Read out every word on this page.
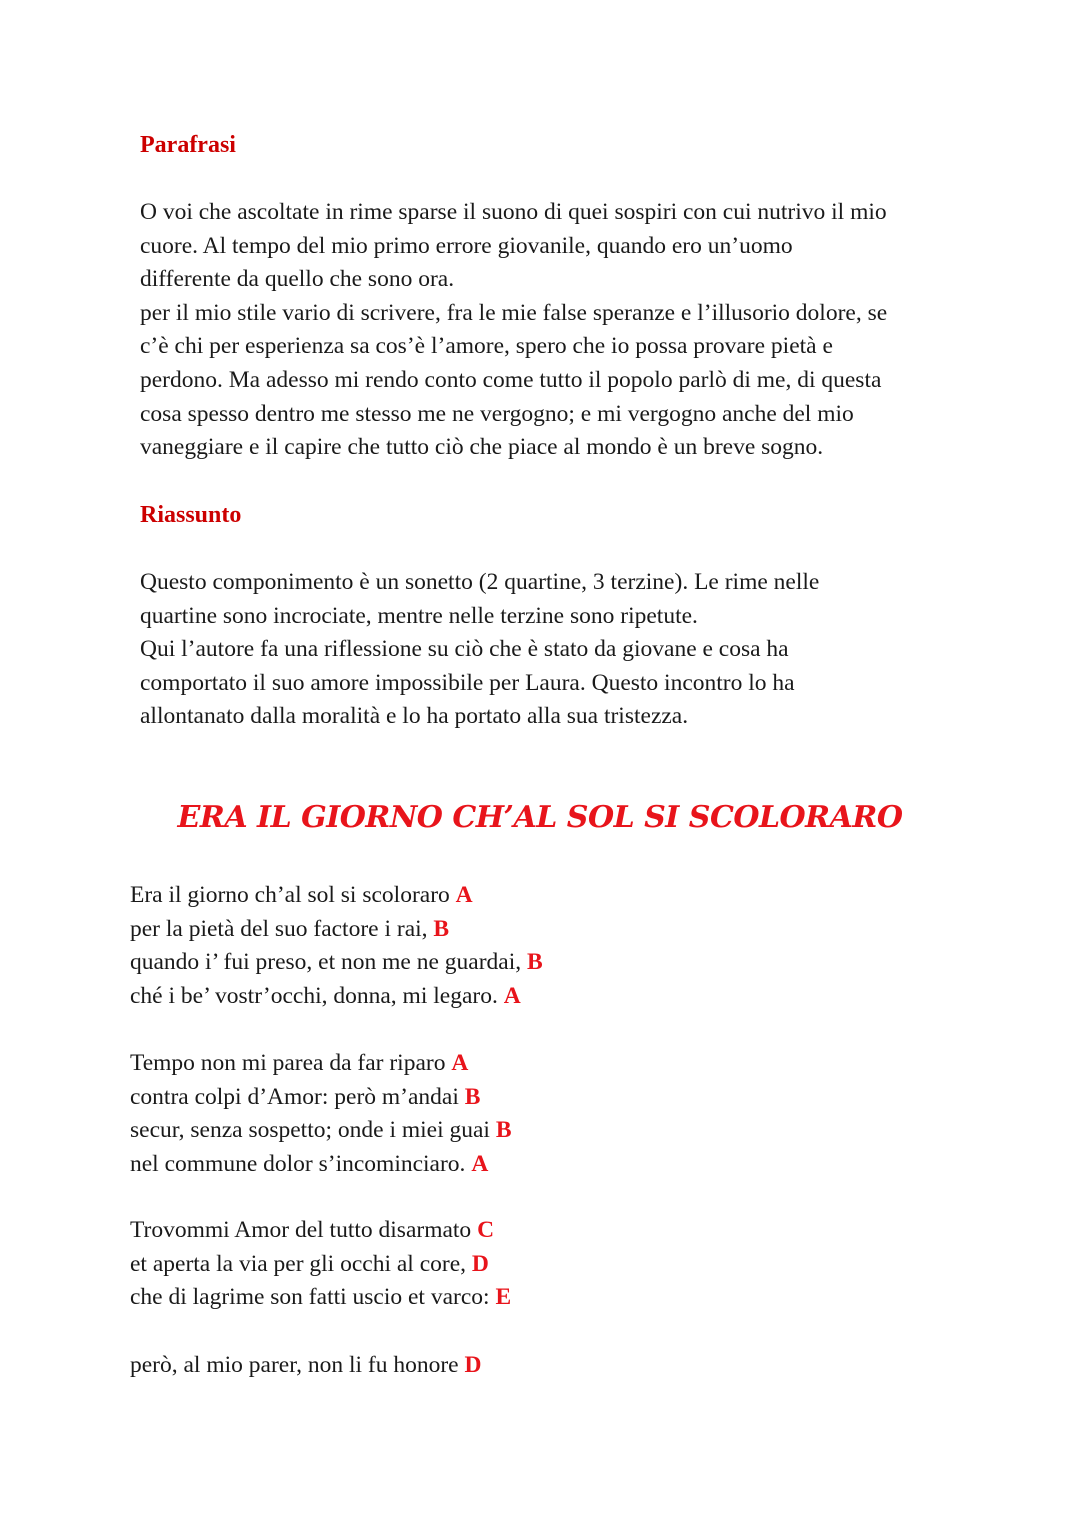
Parafrasi
O voi che ascoltate in rime sparse il suono di quei sospiri con cui nutrivo il mio
cuore. Al tempo del mio primo errore giovanile, quando ero un’uomo
differente da quello che sono ora.
per il mio stile vario di scrivere, fra le mie false speranze e l’illusorio dolore, se
c’è chi per esperienza sa cos’è l’amore, spero che io possa provare pietà e
perdono. Ma adesso mi rendo conto come tutto il popolo parlò di me, di questa
cosa spesso dentro me stesso me ne vergogno; e mi vergogno anche del mio
vaneggiare e il capire che tutto ciò che piace al mondo è un breve sogno.
Riassunto
Questo componimento è un sonetto (2 quartine, 3 terzine). Le rime nelle
quartine sono incrociate, mentre nelle terzine sono ripetute.
Qui l’autore fa una riflessione su ciò che è stato da giovane e cosa ha
comportato il suo amore impossibile per Laura. Questo incontro lo ha
allontanato dalla moralità e lo ha portato alla sua tristezza.
ERA IL GIORNO CH’AL SOL SI SCOLORARO
Era il giorno ch’al sol si scoloraro A
per la pietà del suo factore i rai, B
quando i’ fui preso, et non me ne guardai, B
ché i be’ vostr’occhi, donna, mi legaro. A
Tempo non mi parea da far riparo A
contra colpi d’Amor: però m’andai B
secur, senza sospetto; onde i miei guai B
nel commune dolor s’incominciaro. A
Trovommi Amor del tutto disarmato C
et aperta la via per gli occhi al core, D
che di lagrime son fatti uscio et varco: E
però, al mio parer, non li fu honore D
